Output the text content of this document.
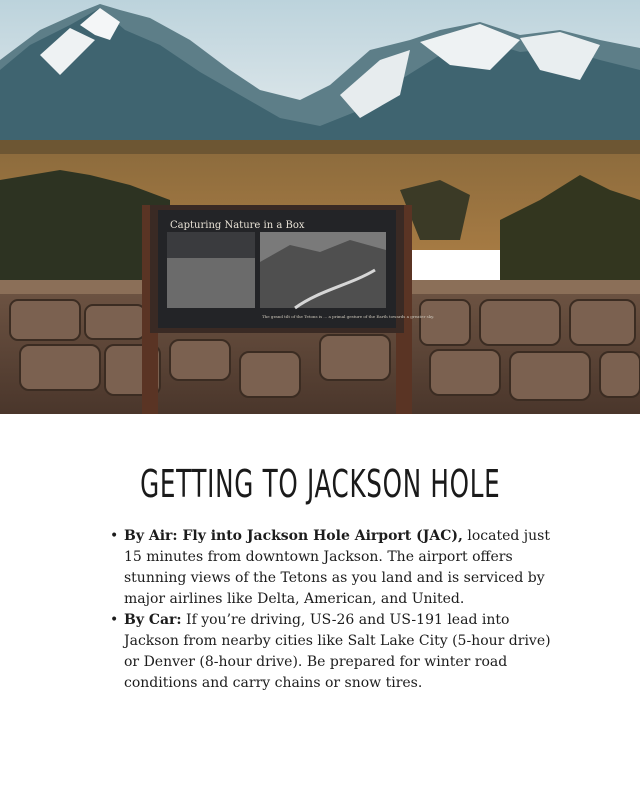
Capturing Nature in a Box
The grand tilt of the Tetons is ... a primal gesture of the Earth towards a greater sky.
GETTING TO JACKSON HOLE
• By Air: Fly into Jackson Hole Airport (JAC), located just 15 minutes from downtown Jackson. The airport offers stunning views of the Tetons as you land and is serviced by major airlines like Delta, American, and United.
• By Car: If you’re driving, US-26 and US-191 lead into Jackson from nearby cities like Salt Lake City (5-hour drive) or Denver (8-hour drive). Be prepared for winter road conditions and carry chains or snow tires.
